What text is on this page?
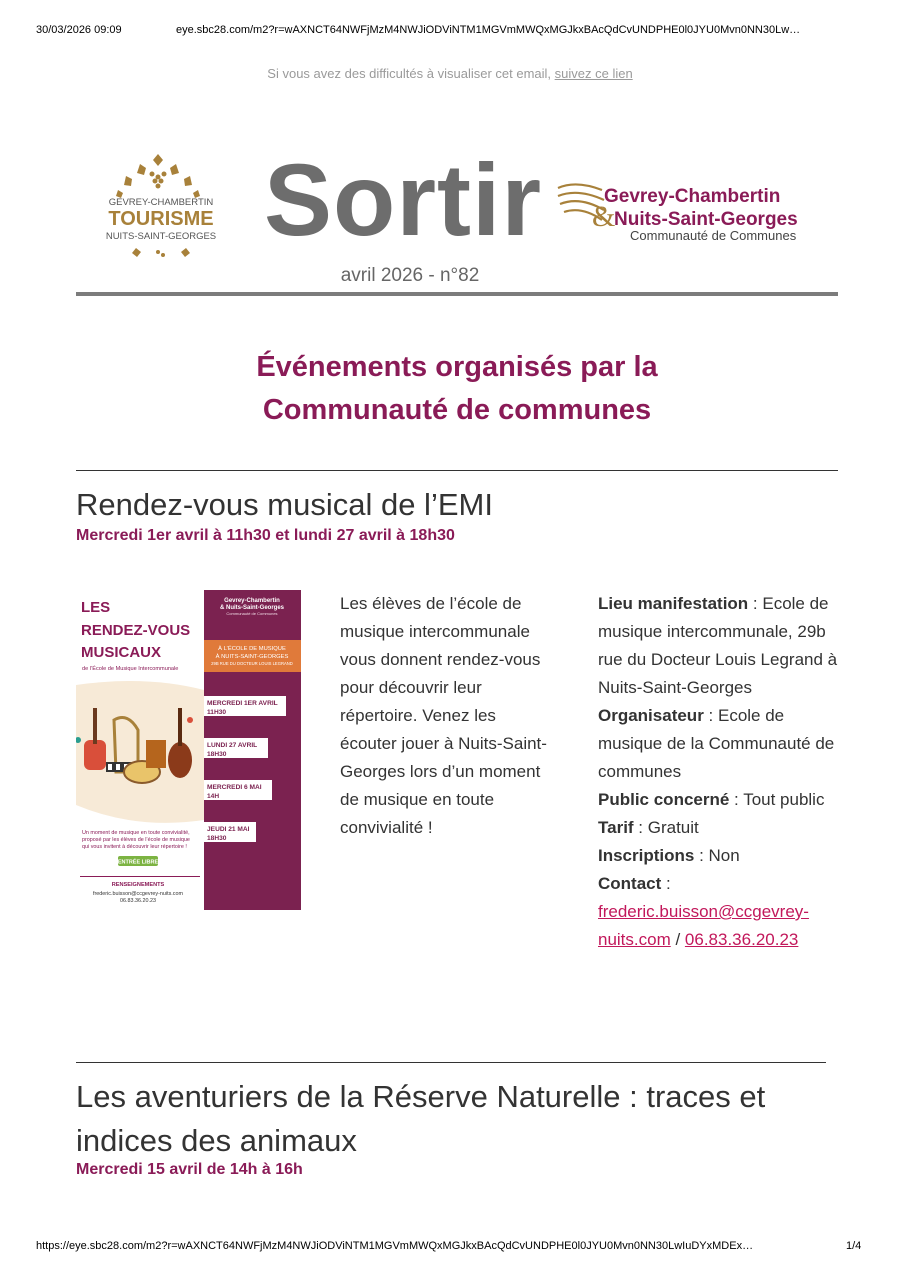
30/03/2026 09:09	eye.sbc28.com/m2?r=wAXNCT64NWFjMzM4NWJiODViNTM1MGVmMWQxMGJkxBAcQdCvUNDPHE0l0JYU0Mvn0NN30Lw…
Si vous avez des difficultés à visualiser cet email, suivez ce lien
GEVREY-CHAMBERTIN
TOURISME
NUITS-SAINT-GEORGES Sortir
avril 2026 - n°82
Gevrey-Chambertin
&
Nuits-Saint-Georges
Communauté de Communes
Événements organisés par la
Communauté de communes
Rendez-vous musical de l’EMI
Mercredi 1er avril à 11h30 et lundi 27 avril à 18h30
LES
RENDEZ-VOUS
MUSICAUX
de l’École de Musique Intercommunale
Un moment de musique en toute convivialité,
proposé par les élèves de l’école de musique
qui vous invitent à découvrir leur répertoire !
ENTRÉE LIBRE
RENSEIGNEMENTS
frederic.buisson@ccgevrey-nuits.com
06.83.36.20.23
Gevrey-Chambertin
& Nuits-Saint-Georges
Communauté de Communes
À L’ÉCOLE DE MUSIQUE
À NUITS-SAINT-GEORGES
29B RUE DU DOCTEUR LOUIS LEGRAND
MERCREDI 1ER AVRIL
11H30
LUNDI 27 AVRIL
18H30
MERCREDI 6 MAI
14H
JEUDI 21 MAI
18H30
Les élèves de l’école de musique intercommunale vous donnent rendez-vous pour découvrir leur répertoire. Venez les écouter jouer à Nuits-Saint-Georges lors d’un moment de musique en toute convivialité !
Lieu manifestation : Ecole de musique intercommunale, 29b rue du Docteur Louis Legrand à Nuits-Saint-Georges
Organisateur : Ecole de musique de la Communauté de communes
Public concerné : Tout public
Tarif : Gratuit
Inscriptions : Non
Contact :
frederic.buisson@ccgevrey-nuits.com / 06.83.36.20.23
Les aventuriers de la Réserve Naturelle : traces et indices des animaux
Mercredi 15 avril de 14h à 16h
https://eye.sbc28.com/m2?r=wAXNCT64NWFjMzM4NWJiODViNTM1MGVmMWQxMGJkxBAcQdCvUNDPHE0l0JYU0Mvn0NN30LwIuDYxMDEx…	1/4
